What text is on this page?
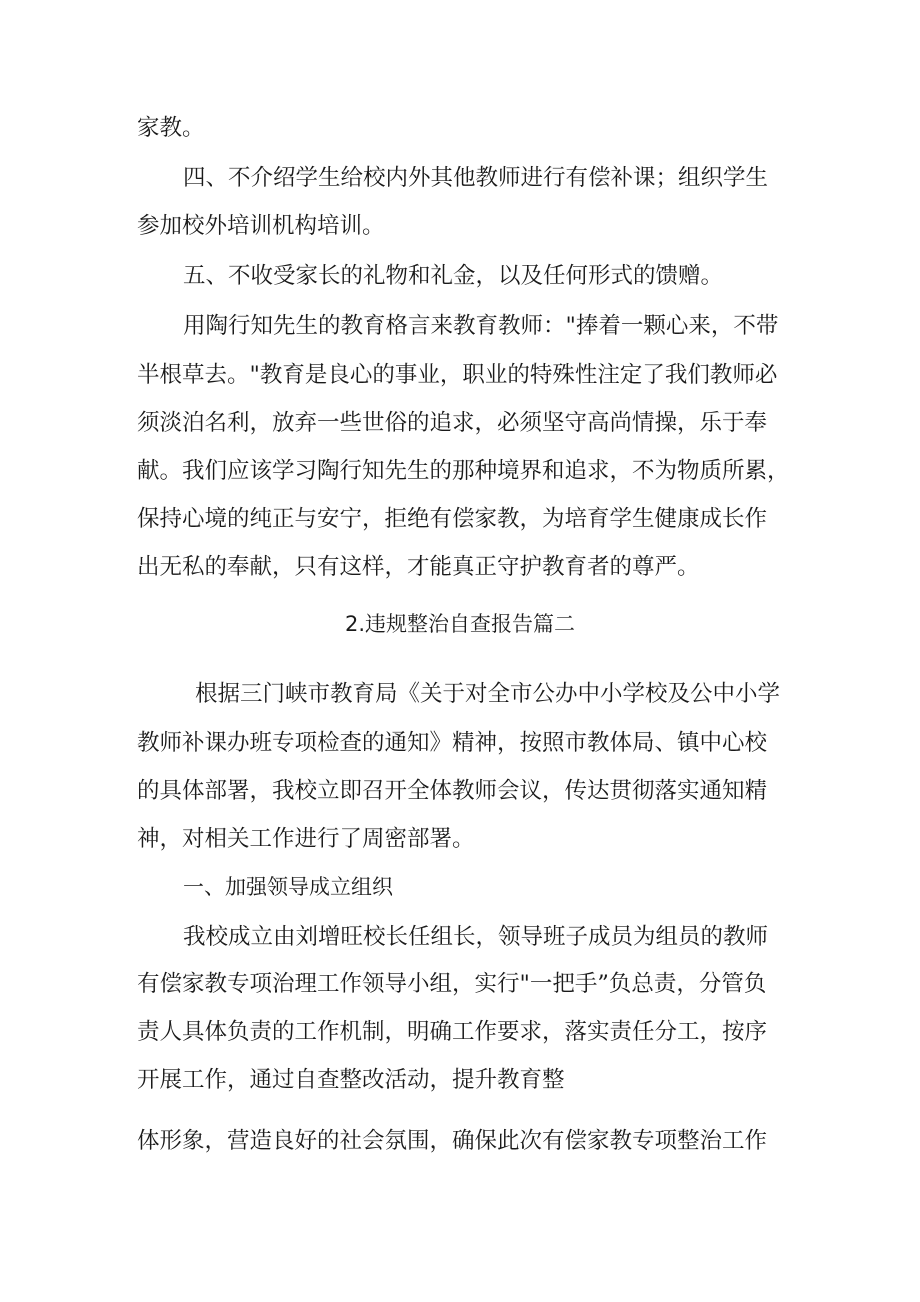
家教。

四、不介绍学生给校内外其他教师进行有偿补课；组织学生

参加校外培训机构培训。

五、不收受家长的礼物和礼金，以及任何形式的馈赠。

用陶行知先生的教育格言来教育教师："捧着一颗心来，不带

半根草去。"教育是良心的事业，职业的特殊性注定了我们教师必

须淡泊名利，放弃一些世俗的追求，必须坚守高尚情操，乐于奉

献。我们应该学习陶行知先生的那种境界和追求，不为物质所累，

保持心境的纯正与安宁，拒绝有偿家教，为培育学生健康成长作

出无私的奉献，只有这样，才能真正守护教育者的尊严。

2.违规整治自查报告篇二

根据三门峡市教育局《关于对全市公办中小学校及公中小学

教师补课办班专项检查的通知》精神，按照市教体局、镇中心校

的具体部署，我校立即召开全体教师会议，传达贯彻落实通知精

神，对相关工作进行了周密部署。

一、加强领导成立组织

我校成立由刘增旺校长任组长，领导班子成员为组员的教师

有偿家教专项治理工作领导小组，实行"一把手”负总责，分管负

责人具体负责的工作机制，明确工作要求，落实责任分工，按序

开展工作，通过自查整改活动，提升教育整

体形象，营造良好的社会氛围，确保此次有偿家教专项整治工作
